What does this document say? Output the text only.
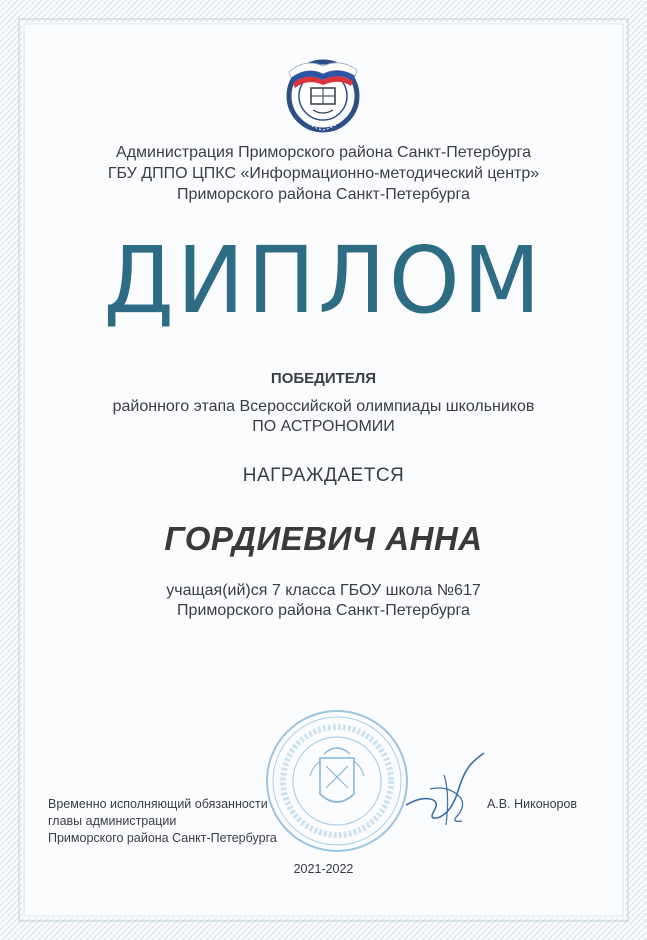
Администрация Приморского района Санкт-Петербурга
ГБУ ДППО ЦПКС «Информационно-методический центр»
Приморского района Санкт-Петербурга
ДИПЛОМ
ПОБЕДИТЕЛЯ
районного этапа Всероссийской олимпиады школьников
ПО АСТРОНОМИИ
НАГРАЖДАЕТСЯ
ГОРДИЕВИЧ АННА
учащая(ий)ся 7 класса ГБОУ школа №617
Приморского района Санкт-Петербурга
Временно исполняющий обязанности
главы администрации
Приморского района Санкт-Петербурга
А.В. Никоноров
2021-2022
